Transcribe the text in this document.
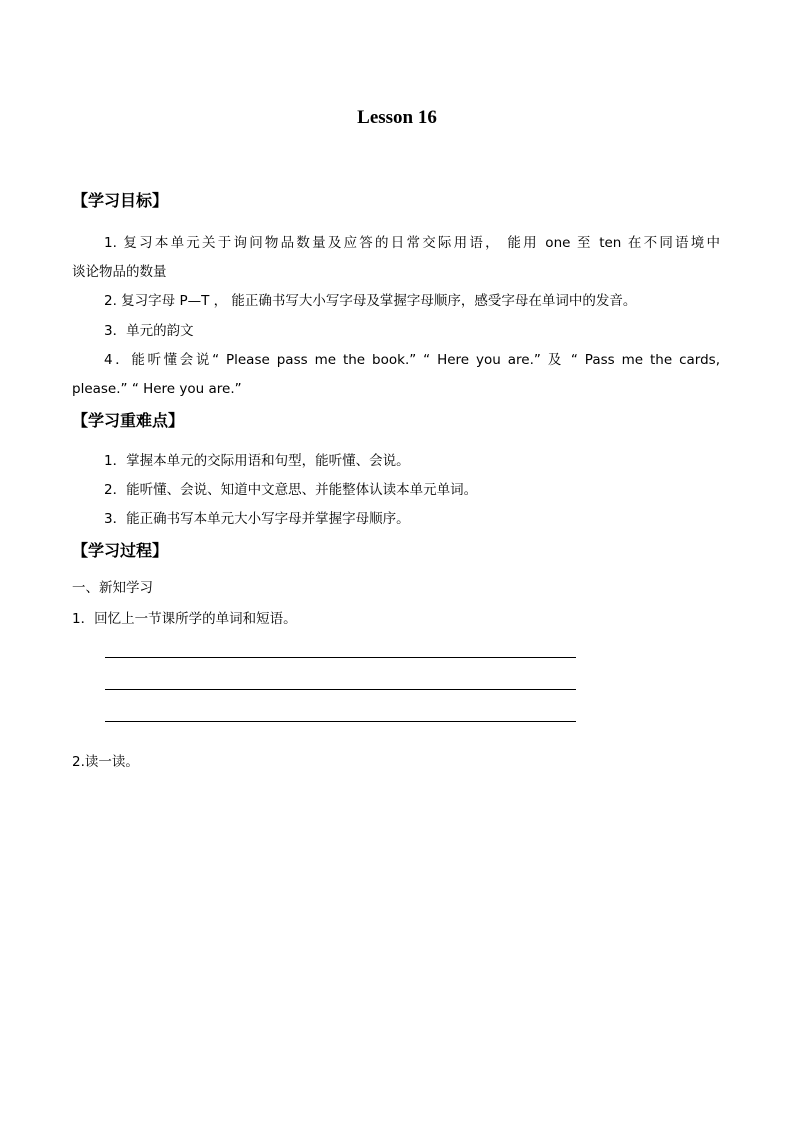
Lesson 16
【学习目标】
1. 复习本单元关于询问物品数量及应答的日常交际用语， 能用 one 至 ten 在不同语境中
谈论物品的数量
2. 复习字母 P—T ， 能正确书写大小写字母及掌握字母顺序，感受字母在单词中的发音。
3．单元的韵文
4．能听懂会说“ Please pass me the book.” “ Here you are.” 及 “ Pass me the cards,
please.” “ Here you are.”
【学习重难点】
1．掌握本单元的交际用语和句型，能听懂、会说。
2．能听懂、会说、知道中文意思、并能整体认读本单元单词。
3．能正确书写本单元大小写字母并掌握字母顺序。
【学习过程】
一、新知学习
1．回忆上一节课所学的单词和短语。
2.读一读。
